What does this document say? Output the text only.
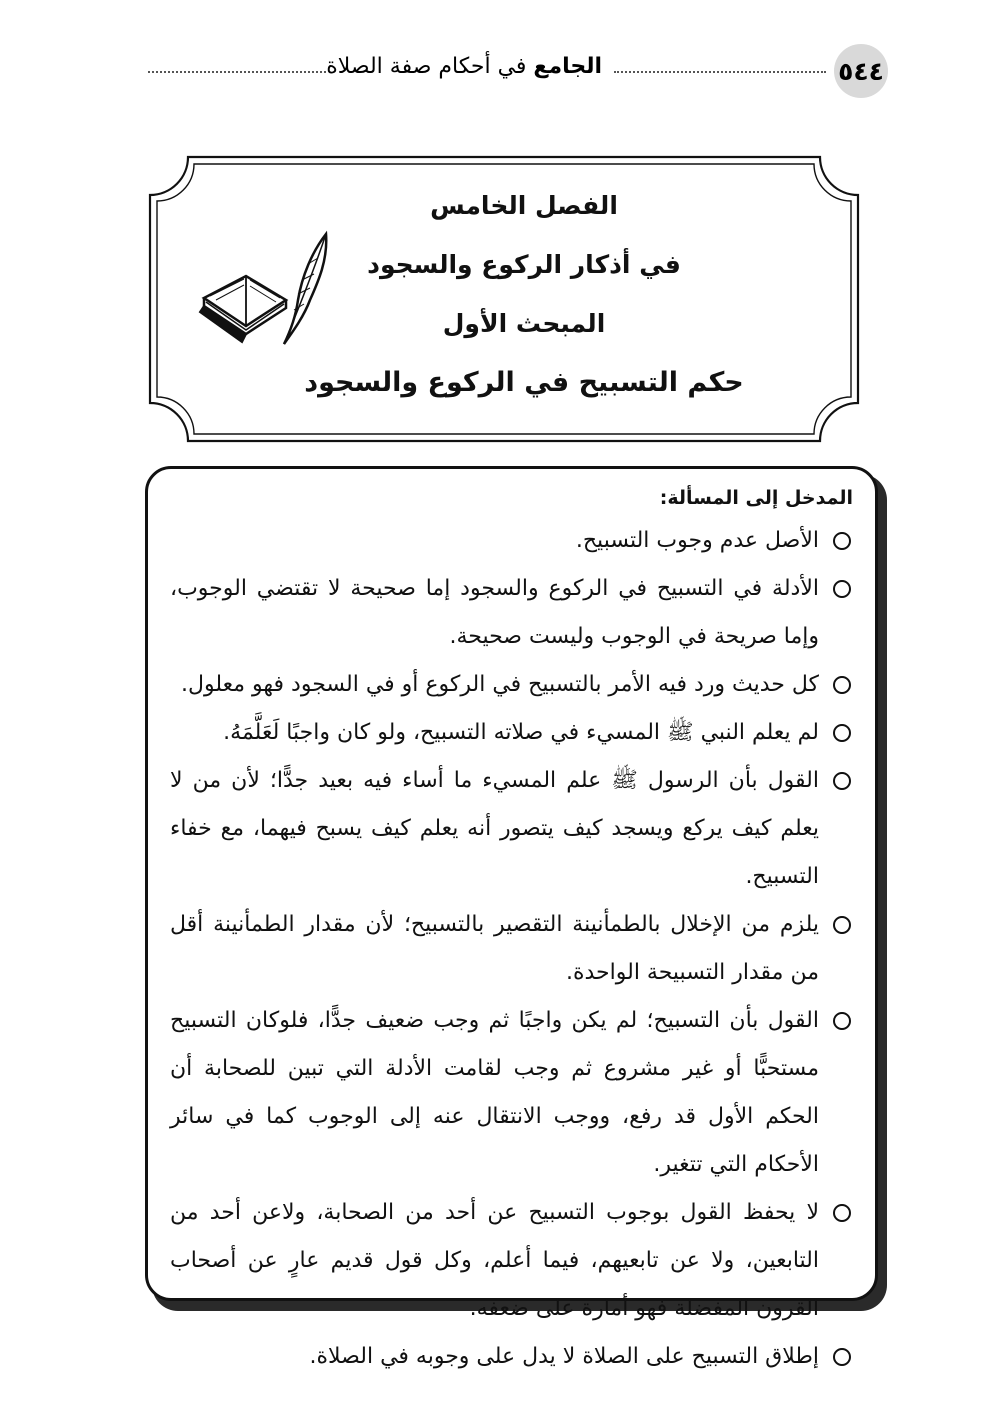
٥٤٤
الجامع في أحكام صفة الصلاة
الفصل الخامس
في أذكار الركوع والسجود
المبحث الأول
حكم التسبيح في الركوع والسجود
المدخل إلى المسألة:
الأصل عدم وجوب التسبيح.
الأدلة في التسبيح في الركوع والسجود إما صحيحة لا تقتضي الوجوب، وإما صريحة في الوجوب وليست صحيحة.
كل حديث ورد فيه الأمر بالتسبيح في الركوع أو في السجود فهو معلول.
لم يعلم النبي ﷺ المسيء في صلاته التسبيح، ولو كان واجبًا لَعَلَّمَهُ.
القول بأن الرسول ﷺ علم المسيء ما أساء فيه بعيد جدًّا؛ لأن من لا يعلم كيف يركع ويسجد كيف يتصور أنه يعلم كيف يسبح فيهما، مع خفاء التسبيح.
يلزم من الإخلال بالطمأنينة التقصير بالتسبيح؛ لأن مقدار الطمأنينة أقل من مقدار التسبيحة الواحدة.
القول بأن التسبيح؛ لم يكن واجبًا ثم وجب ضعيف جدًّا، فلوكان التسبيح مستحبًّا أو غير مشروع ثم وجب لقامت الأدلة التي تبين للصحابة أن الحكم الأول قد رفع، ووجب الانتقال عنه إلى الوجوب كما في سائر الأحكام التي تتغير.
لا يحفظ القول بوجوب التسبيح عن أحد من الصحابة، ولاعن أحد من التابعين، ولا عن تابعيهم، فيما أعلم، وكل قول قديم عارٍ عن أصحاب القرون المفضلة فهو أمارة على ضعفه.
إطلاق التسبيح على الصلاة لا يدل على وجوبه في الصلاة.
